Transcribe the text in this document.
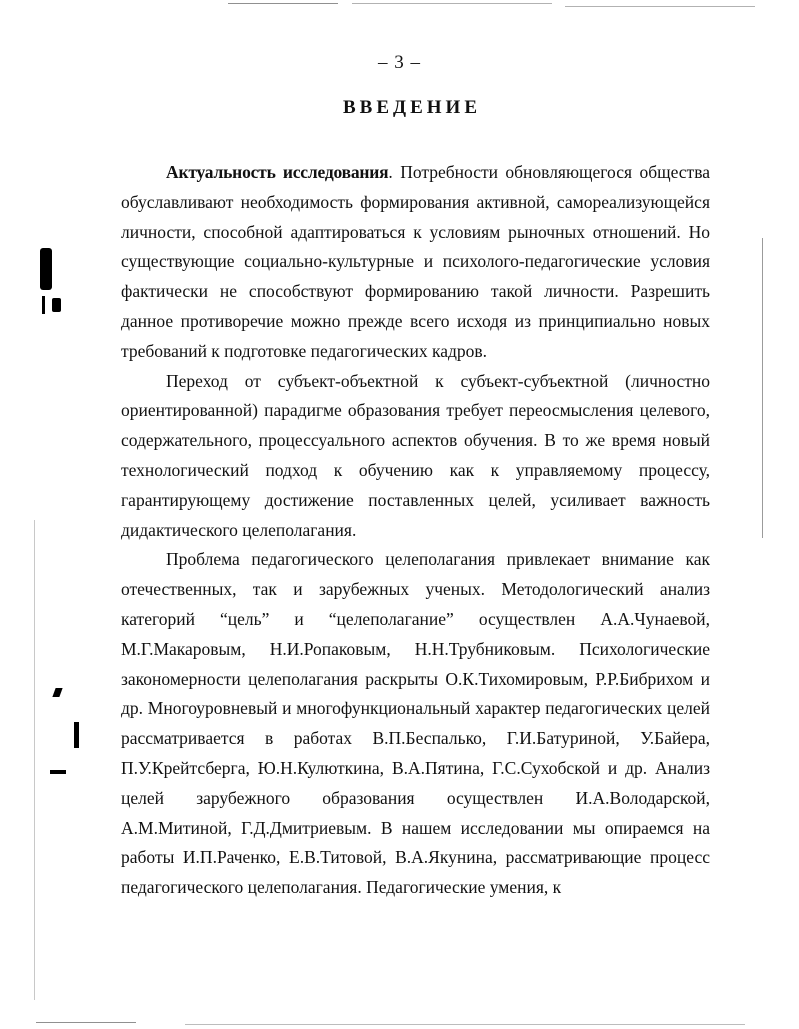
– 3 –
ВВЕДЕНИЕ

Актуальность исследования. Потребности обновляющегося общества обуславливают необходимость формирования активной, самореализующейся личности, способной адаптироваться к условиям рыночных отношений. Но существующие социально-культурные и психолого-педагогические условия фактически не способствуют формированию такой личности. Разрешить данное противоречие можно прежде всего исходя из принципиально новых требований к подготовке педагогических кадров.

Переход от субъект-объектной к субъект-субъектной (личностно ориентированной) парадигме образования требует переосмысления целевого, содержательного, процессуального аспектов обучения. В то же время новый технологический подход к обучению как к управляемому процессу, гарантирующему достижение поставленных целей, усиливает важность дидактического целеполагания.

Проблема педагогического целеполагания привлекает внимание как отечественных, так и зарубежных ученых. Методологический анализ категорий “цель” и “целеполагание” осуществлен А.А.Чунаевой, М.Г.Макаровым, Н.И.Ропаковым, Н.Н.Трубниковым. Психологические закономерности целеполагания раскрыты О.К.Тихомировым, Р.Р.Бибрихом и др. Многоуровневый и многофункциональный характер педагогических целей рассматривается в работах В.П.Беспалько, Г.И.Батуриной, У.Байера, П.У.Крейтсберга, Ю.Н.Кулюткина, В.А.Пятина, Г.С.Сухобской и др. Анализ целей зарубежного образования осуществлен И.А.Володарской, А.М.Митиной, Г.Д.Дмитриевым. В нашем исследовании мы опираемся на работы И.П.Раченко, Е.В.Титовой, В.А.Якунина, рассматривающие процесс педагогического целеполагания. Педагогические умения, к
